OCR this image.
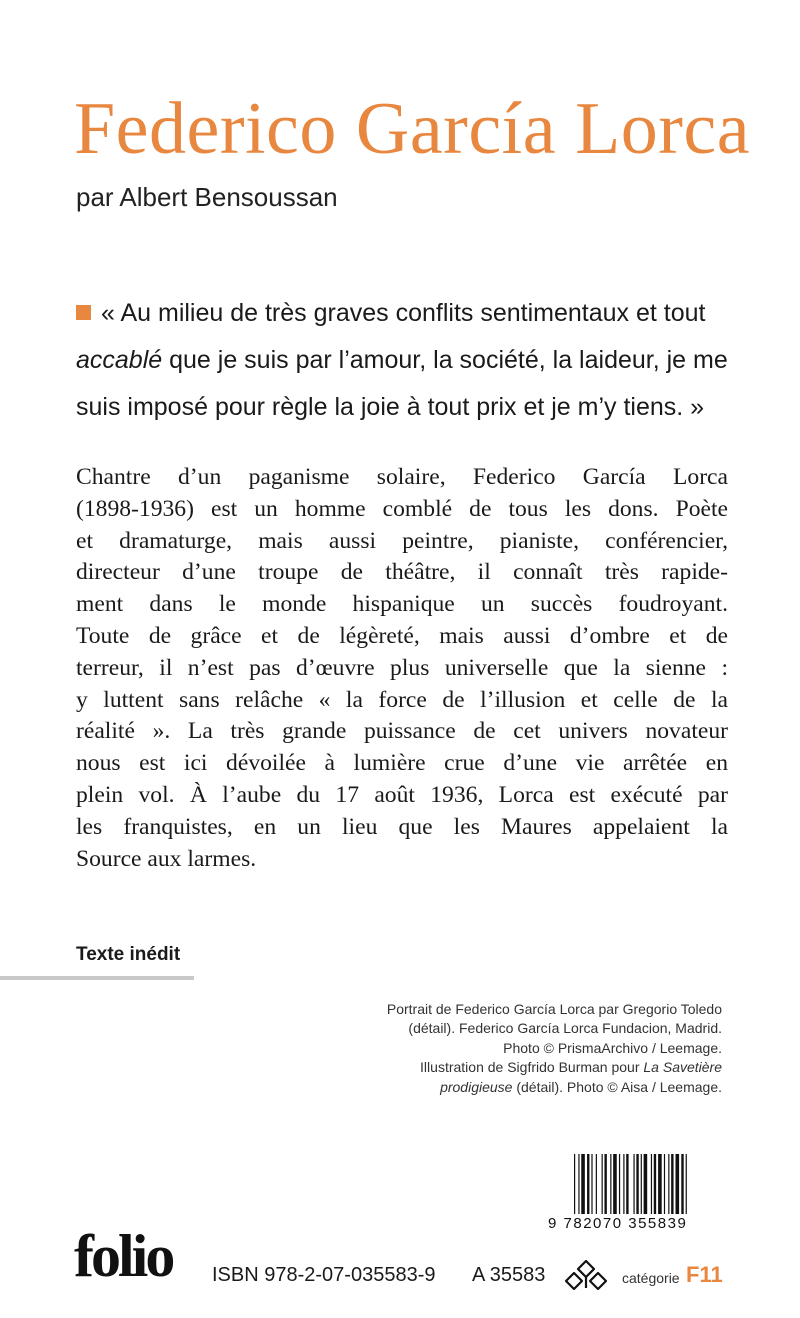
Federico García Lorca
par Albert Bensoussan
« Au milieu de très graves conflits sentimentaux et tout
accablé que je suis par l’amour, la société, la laideur, je me
suis imposé pour règle la joie à tout prix et je m’y tiens. »
Chantre d’un paganisme solaire, Federico García Lorca
(1898-1936) est un homme comblé de tous les dons. Poète
et dramaturge, mais aussi peintre, pianiste, conférencier,
directeur d’une troupe de théâtre, il connaît très rapide-
ment dans le monde hispanique un succès foudroyant.
Toute de grâce et de légèreté, mais aussi d’ombre et de
terreur, il n’est pas d’œuvre plus universelle que la sienne :
y luttent sans relâche « la force de l’illusion et celle de la
réalité ». La très grande puissance de cet univers novateur
nous est ici dévoilée à lumière crue d’une vie arrêtée en
plein vol. À l’aube du 17 août 1936, Lorca est exécuté par
les franquistes, en un lieu que les Maures appelaient la
Source aux larmes.
Texte inédit
Portrait de Federico García Lorca par Gregorio Toledo
(détail). Federico García Lorca Fundacion, Madrid.
Photo © PrismaArchivo / Leemage.
Illustration de Sigfrido Burman pour La Savetière
prodigieuse (détail). Photo © Aisa / Leemage.
9 782070 355839
folio ISBN 978-2-07-035583-9 A 35583	catégorie F11
